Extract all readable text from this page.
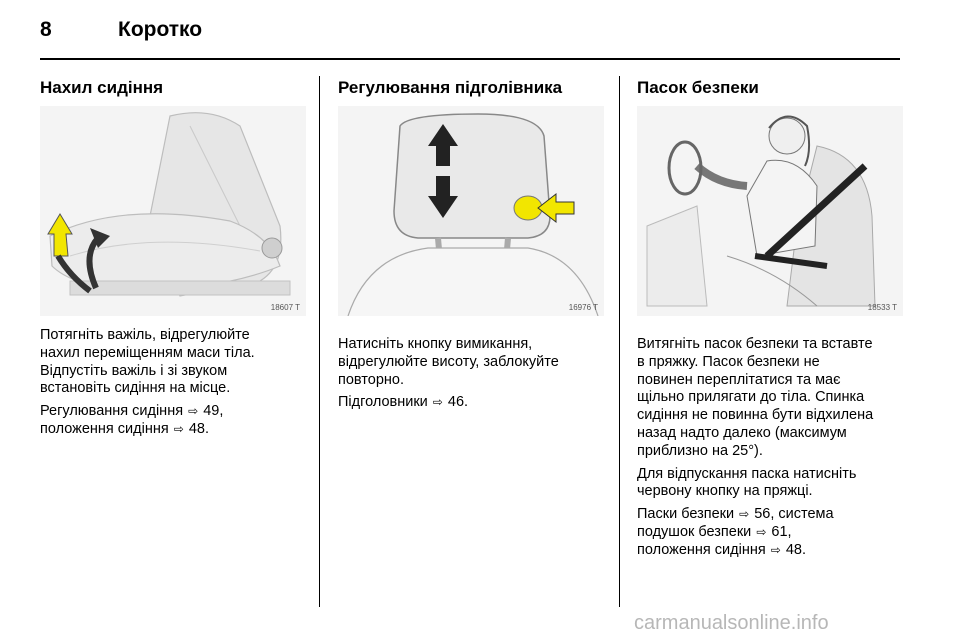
8	Коротко
Нахил сидіння
18607 T

Потягніть важіль, відрегулюйте
нахил переміщенням маси тіла.
Відпустіть важіль і зі звуком
встановіть сидіння на місце.

Регулювання сидіння ⇨ 49,
положення сидіння ⇨ 48.

Регулювання підголівника
16976 T

Натисніть кнопку вимикання,
відрегулюйте висоту, заблокуйте
повторно.

Підголовники ⇨ 46.

Пасок безпеки
18533 T

Витягніть пасок безпеки та вставте
в пряжку. Пасок безпеки не
повинен переплітатися та має
щільно прилягати до тіла. Спинка
сидіння не повинна бути відхилена
назад надто далеко (максимум
приблизно на 25°).

Для відпускання паска натисніть
червону кнопку на пряжці.

Паски безпеки ⇨ 56, система
подушок безпеки ⇨ 61,
положення сидіння ⇨ 48.

carmanualsonline.info
